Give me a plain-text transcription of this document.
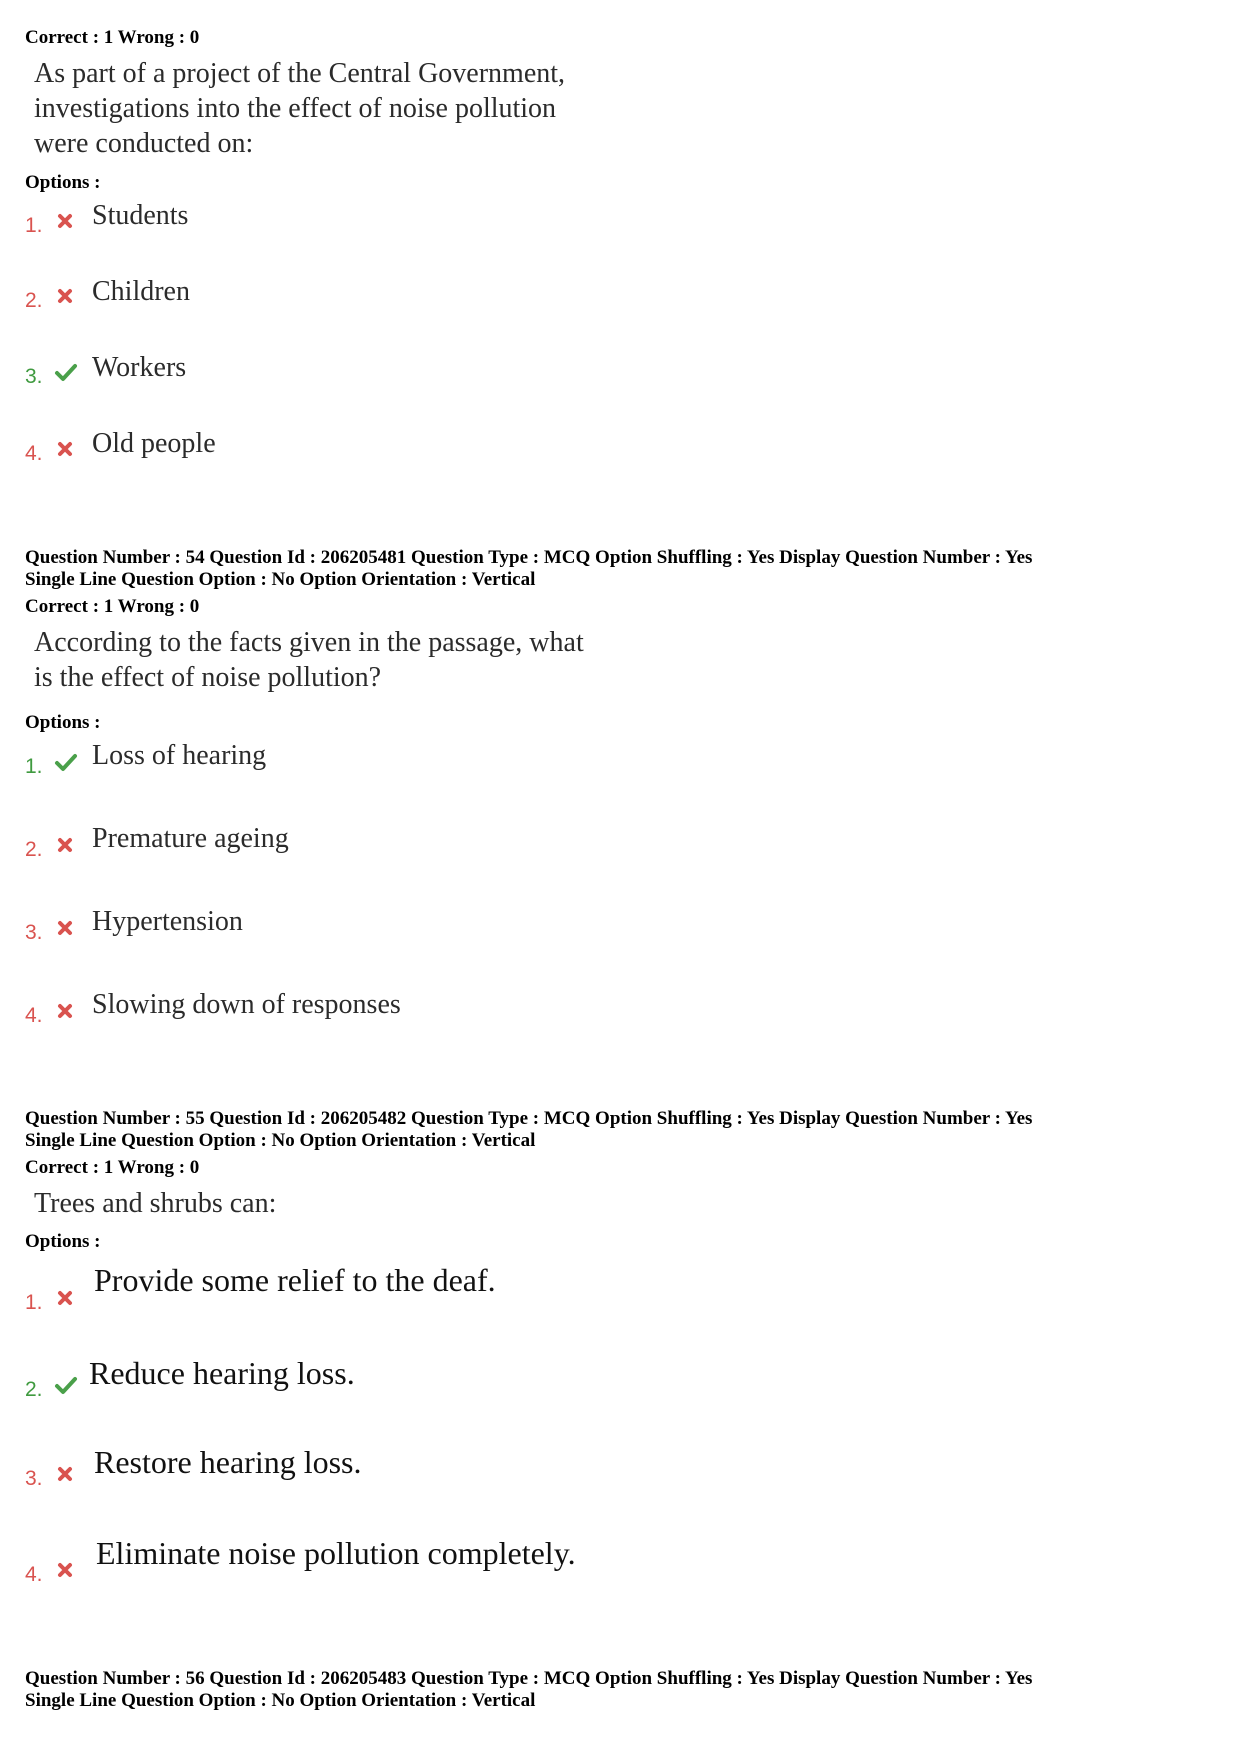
Correct : 1 Wrong : 0
As part of a project of the Central Government,
investigations into the effect of noise pollution
were conducted on:
Options :
1. Students
2. Children
3. Workers
4. Old people
Question Number : 54 Question Id : 206205481 Question Type : MCQ Option Shuffling : Yes Display Question Number : Yes
Single Line Question Option : No Option Orientation : Vertical
Correct : 1 Wrong : 0
According to the facts given in the passage, what
is the effect of noise pollution?
Options :
1. Loss of hearing
2. Premature ageing
3. Hypertension
4. Slowing down of responses
Question Number : 55 Question Id : 206205482 Question Type : MCQ Option Shuffling : Yes Display Question Number : Yes
Single Line Question Option : No Option Orientation : Vertical
Correct : 1 Wrong : 0
Trees and shrubs can:
Options :
1.
Provide some relief to the deaf.
2. Reduce hearing loss.
3. Restore hearing loss.
4.
Eliminate noise pollution completely.
Question Number : 56 Question Id : 206205483 Question Type : MCQ Option Shuffling : Yes Display Question Number : Yes
Single Line Question Option : No Option Orientation : Vertical
